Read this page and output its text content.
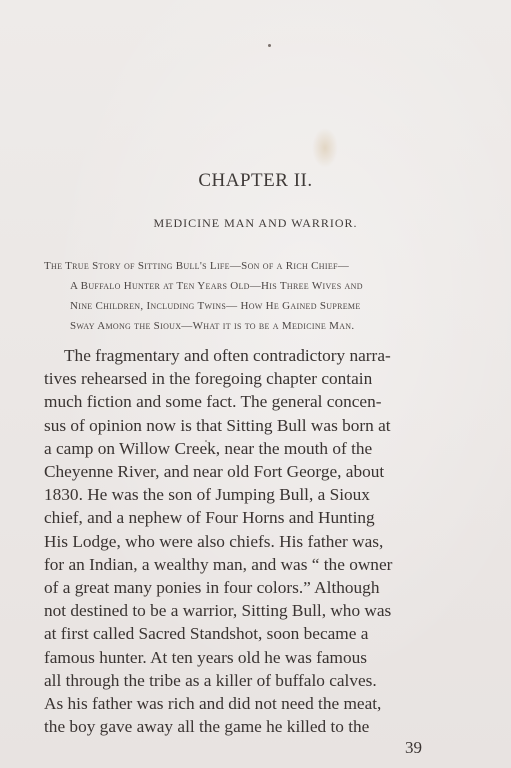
CHAPTER II.
MEDICINE MAN AND WARRIOR.
The True Story of Sitting Bull's Life—Son of a Rich Chief—
A Buffalo Hunter at Ten Years Old—His Three Wives and
Nine Children, Including Twins— How He Gained Supreme
Sway Among the Sioux—What it is to be a Medicine Man.
The fragmentary and often contradictory narra-
tives rehearsed in the foregoing chapter contain
much fiction and some fact. The general concen-
sus of opinion now is that Sitting Bull was born at
a camp on Willow Creek, near the mouth of the
Cheyenne River, and near old Fort George, about
1830. He was the son of Jumping Bull, a Sioux
chief, and a nephew of Four Horns and Hunting
His Lodge, who were also chiefs. His father was,
for an Indian, a wealthy man, and was “ the owner
of a great many ponies in four colors.” Although
not destined to be a warrior, Sitting Bull, who was
at first called Sacred Standshot, soon became a
famous hunter. At ten years old he was famous
all through the tribe as a killer of buffalo calves.
As his father was rich and did not need the meat,
the boy gave away all the game he killed to the
39
